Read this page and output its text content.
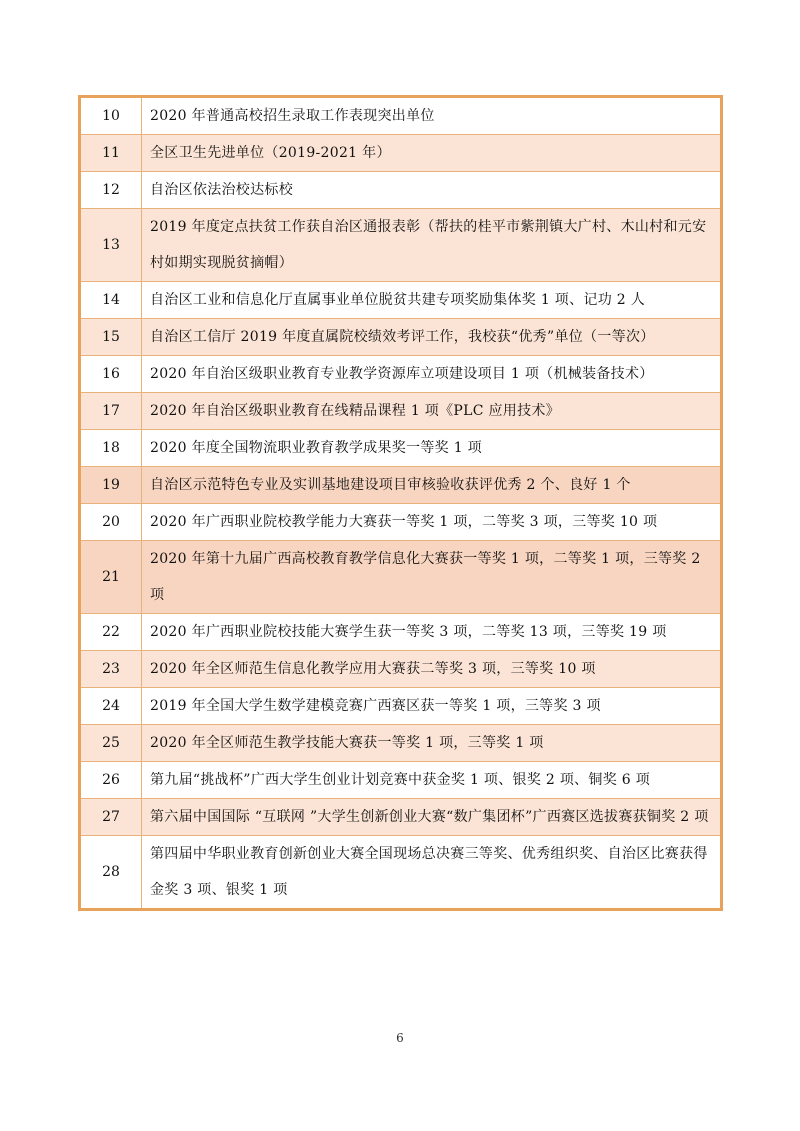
10	2020 年普通高校招生录取工作表现突出单位
11	全区卫生先进单位（2019-2021 年）
12	自治区依法治校达标校
13	2019 年度定点扶贫工作获自治区通报表彰（帮扶的桂平市紫荆镇大广村、木山村和元安村如期实现脱贫摘帽）
14	自治区工业和信息化厅直属事业单位脱贫共建专项奖励集体奖 1 项、记功 2 人
15	自治区工信厅 2019 年度直属院校绩效考评工作，我校获“优秀”单位（一等次）
16	2020 年自治区级职业教育专业教学资源库立项建设项目 1 项（机械装备技术）
17	2020 年自治区级职业教育在线精品课程 1 项《PLC 应用技术》
18	2020 年度全国物流职业教育教学成果奖一等奖 1 项
19	自治区示范特色专业及实训基地建设项目审核验收获评优秀 2 个、良好 1 个
20	2020 年广西职业院校教学能力大赛获一等奖 1 项，二等奖 3 项，三等奖 10 项
21	2020 年第十九届广西高校教育教学信息化大赛获一等奖 1 项，二等奖 1 项，三等奖 2 项
22	2020 年广西职业院校技能大赛学生获一等奖 3 项，二等奖 13 项，三等奖 19 项
23	2020 年全区师范生信息化教学应用大赛获二等奖 3 项，三等奖 10 项
24	2019 年全国大学生数学建模竞赛广西赛区获一等奖 1 项，三等奖 3 项
25	2020 年全区师范生教学技能大赛获一等奖 1 项，三等奖 1 项
26	第九届“挑战杯”广西大学生创业计划竞赛中获金奖 1 项、银奖 2 项、铜奖 6 项
27	第六届中国国际 “互联网 ”大学生创新创业大赛“数广集团杯”广西赛区选拔赛获铜奖 2 项
28	第四届中华职业教育创新创业大赛全国现场总决赛三等奖、优秀组织奖、自治区比赛获得金奖 3 项、银奖 1 项
6
